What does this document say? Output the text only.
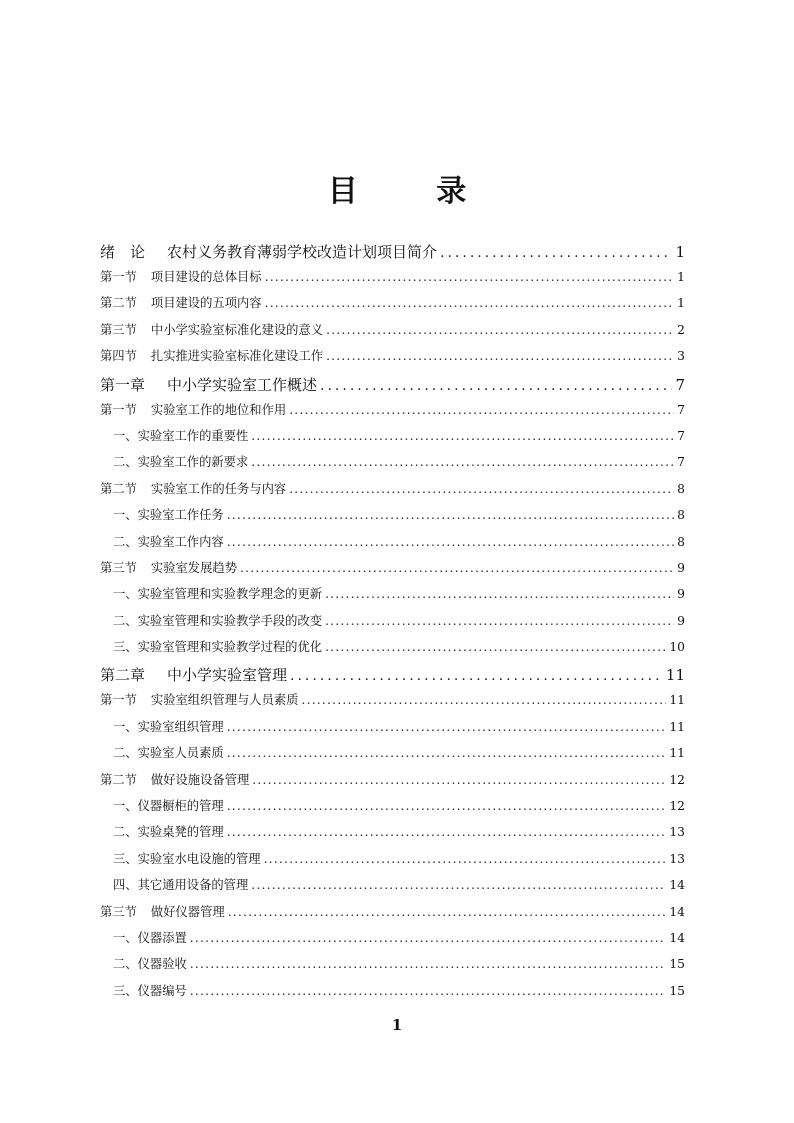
目 录
绪　论 农村义务教育薄弱学校改造计划项目简介 .....	1
第一节 项目建设的总体目标 .....	1
第二节 项目建设的五项内容 .....	1
第三节 中小学实验室标准化建设的意义 .....	2
第四节 扎实推进实验室标准化建设工作 .....	3
第一章 中小学实验室工作概述 .....	7
第一节 实验室工作的地位和作用 .....	7
一、实验室工作的重要性 .....	7
二、实验室工作的新要求 .....	7
第二节 实验室工作的任务与内容 .....	8
一、实验室工作任务 .....	8
二、实验室工作内容 .....	8
第三节 实验室发展趋势 .....	9
一、实验室管理和实验教学理念的更新 .....	9
二、实验室管理和实验教学手段的改变 .....	9
三、实验室管理和实验教学过程的优化 .....	10
第二章 中小学实验室管理 .....	11
第一节 实验室组织管理与人员素质 .....	11
一、实验室组织管理 .....	11
二、实验室人员素质 .....	11
第二节 做好设施设备管理 .....	12
一、仪器橱柜的管理 .....	12
二、实验桌凳的管理 .....	13
三、实验室水电设施的管理 .....	13
四、其它通用设备的管理 .....	14
第三节 做好仪器管理 .....	14
一、仪器添置 .....	14
二、仪器验收 .....	15
三、仪器编号 .....	15
1
